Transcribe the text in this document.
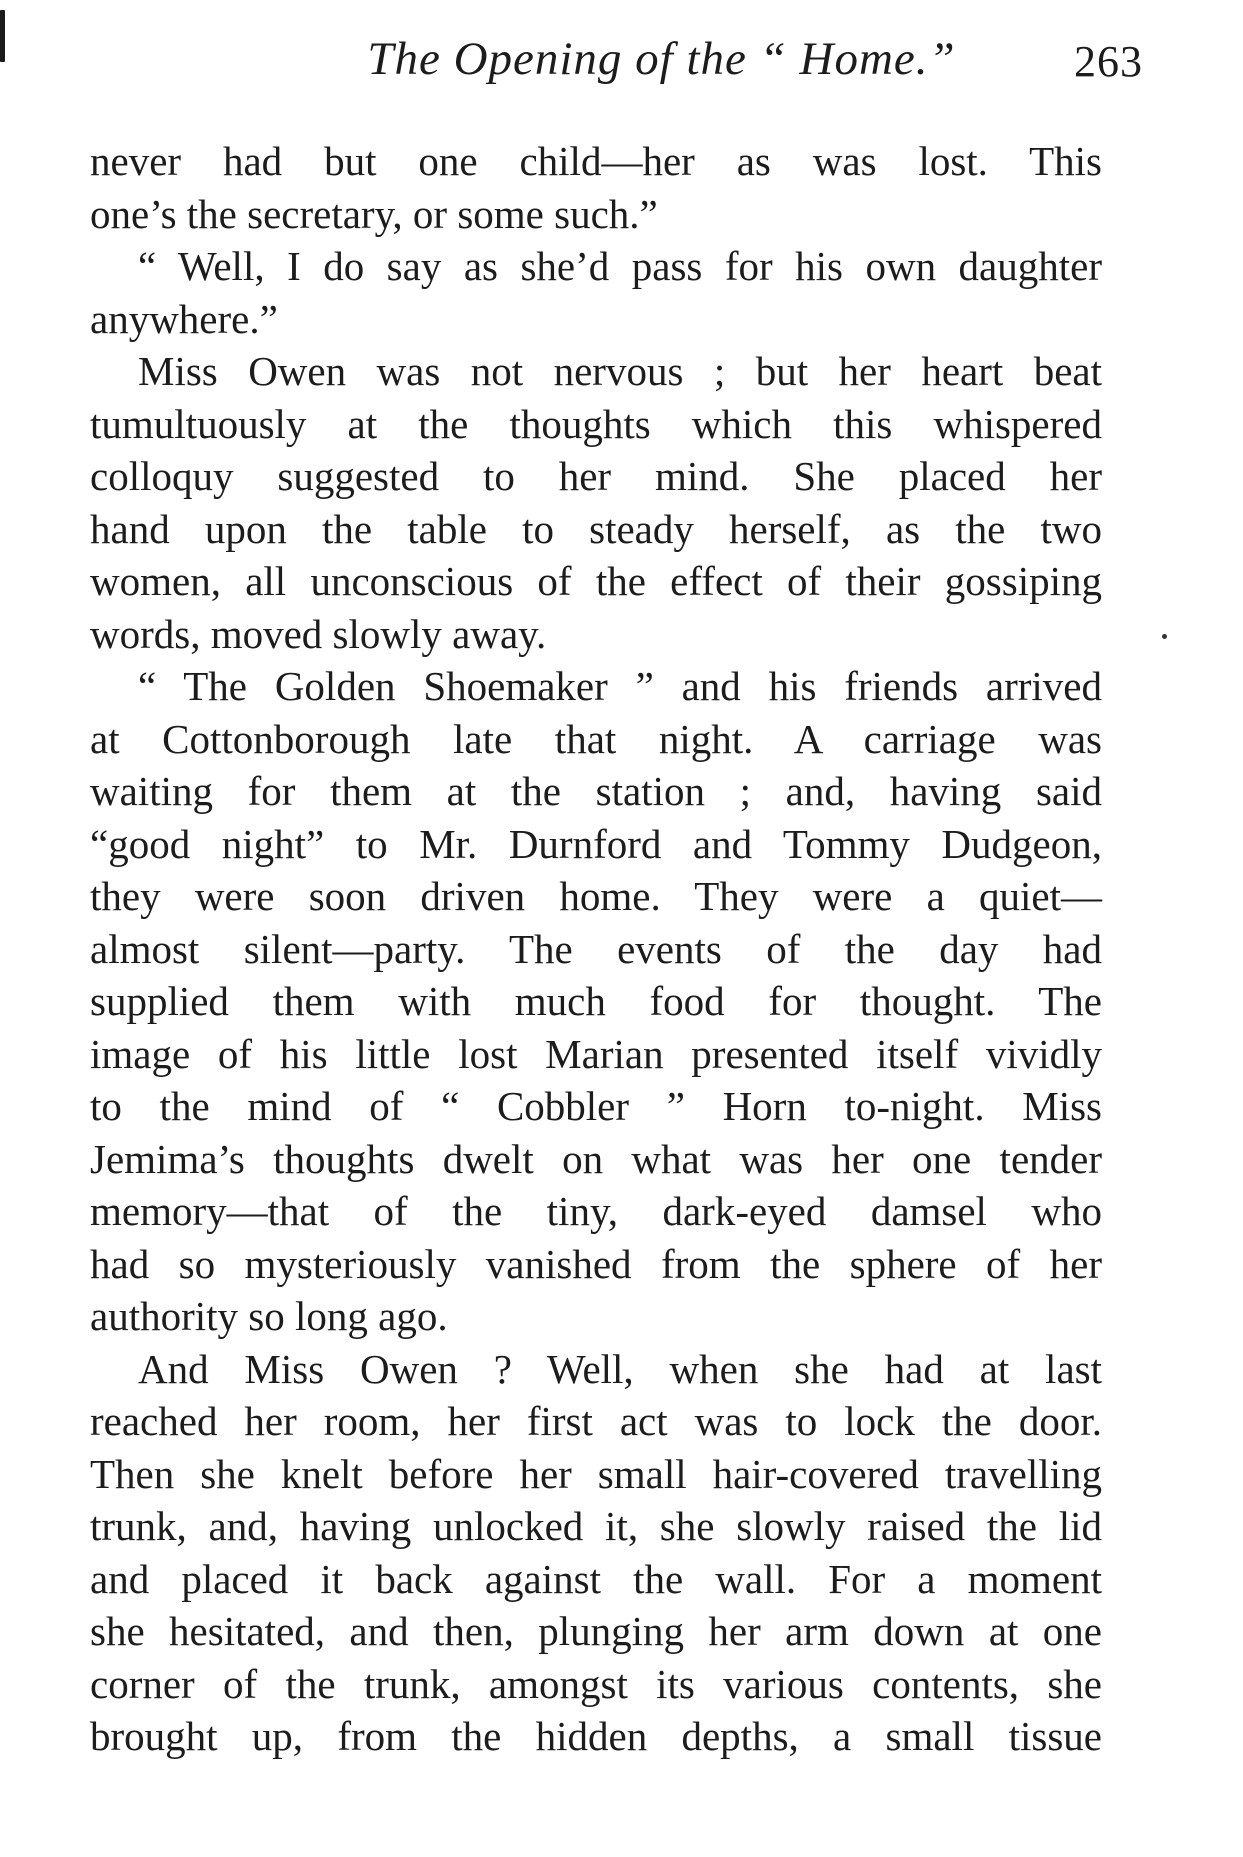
The Opening of the “ Home.”	263
never had but one child—her as was lost. This
one’s the secretary, or some such.”
“ Well, I do say as she’d pass for his own daughter
anywhere.”
Miss Owen was not nervous ; but her heart beat
tumultuously at the thoughts which this whispered
colloquy suggested to her mind. She placed her
hand upon the table to steady herself, as the two
women, all unconscious of the effect of their gossiping
words, moved slowly away.
“ The Golden Shoemaker ” and his friends arrived
at Cottonborough late that night. A carriage was
waiting for them at the station ; and, having said
“good night” to Mr. Durnford and Tommy Dudgeon,
they were soon driven home. They were a quiet—
almost silent—party. The events of the day had
supplied them with much food for thought. The
image of his little lost Marian presented itself vividly
to the mind of “ Cobbler ” Horn to-night. Miss
Jemima’s thoughts dwelt on what was her one tender
memory—that of the tiny, dark-eyed damsel who
had so mysteriously vanished from the sphere of her
authority so long ago.
And Miss Owen ? Well, when she had at last
reached her room, her first act was to lock the door.
Then she knelt before her small hair-covered travelling
trunk, and, having unlocked it, she slowly raised the lid
and placed it back against the wall. For a moment
she hesitated, and then, plunging her arm down at one
corner of the trunk, amongst its various contents, she
brought up, from the hidden depths, a small tissue
